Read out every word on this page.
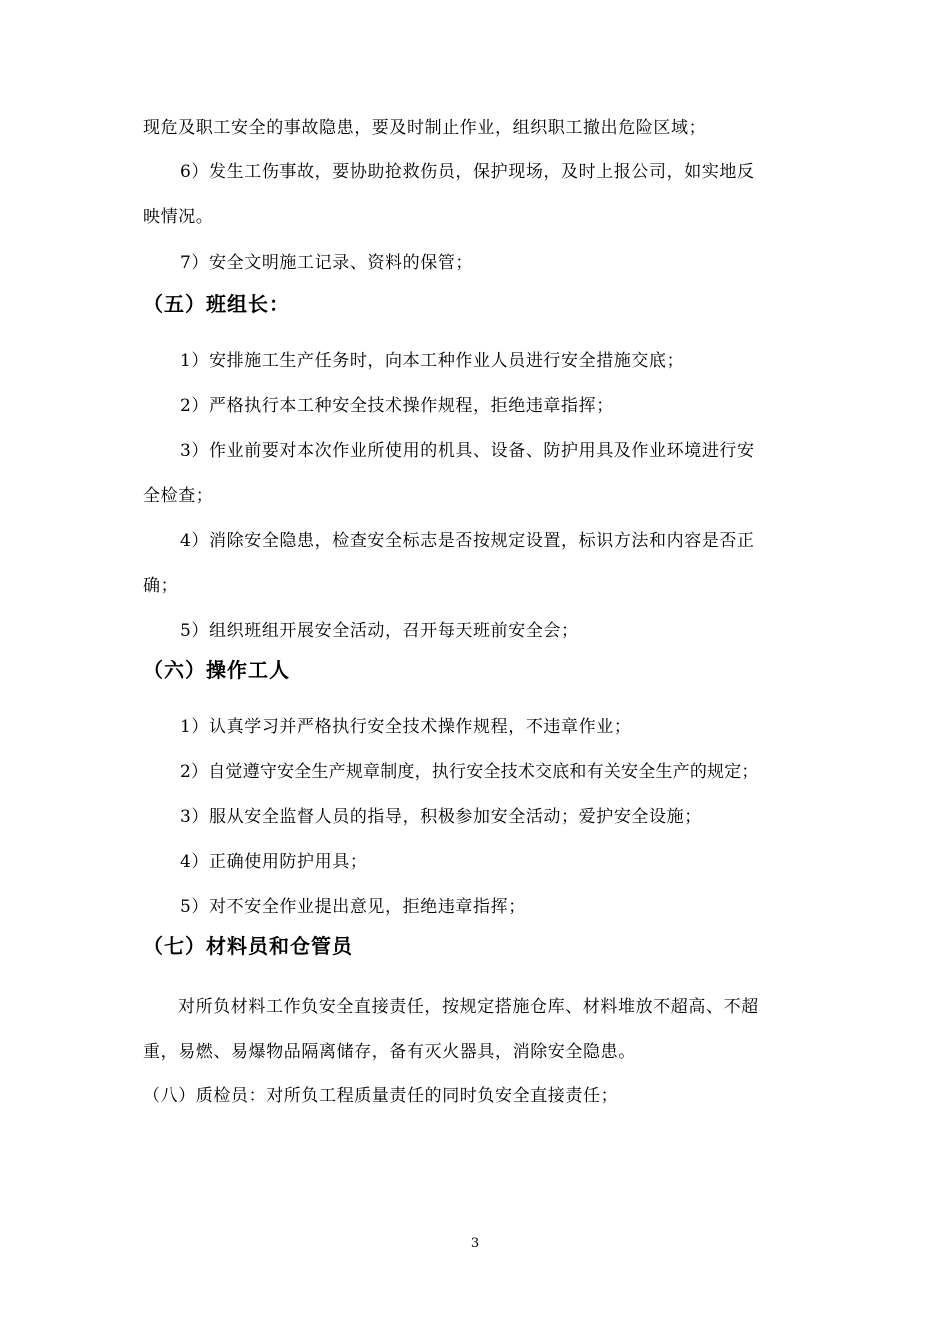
现危及职工安全的事故隐患，要及时制止作业，组织职工撤出危险区域；
6）发生工伤事故，要协助抢救伤员，保护现场，及时上报公司，如实地反
映情况。
7）安全文明施工记录、资料的保管；
（五）班组长：
1）安排施工生产任务时，向本工种作业人员进行安全措施交底；
2）严格执行本工种安全技术操作规程，拒绝违章指挥；
3）作业前要对本次作业所使用的机具、设备、防护用具及作业环境进行安
全检查；
4）消除安全隐患，检查安全标志是否按规定设置，标识方法和内容是否正
确；
5）组织班组开展安全活动，召开每天班前安全会；
（六）操作工人
1）认真学习并严格执行安全技术操作规程，不违章作业；
2）自觉遵守安全生产规章制度，执行安全技术交底和有关安全生产的规定；
3）服从安全监督人员的指导，积极参加安全活动；爱护安全设施；
4）正确使用防护用具；
5）对不安全作业提出意见，拒绝违章指挥；
（七）材料员和仓管员
对所负材料工作负安全直接责任，按规定搭施仓库、材料堆放不超高、不超
重，易燃、易爆物品隔离储存，备有灭火器具，消除安全隐患。
（八）质检员：对所负工程质量责任的同时负安全直接责任；
3
